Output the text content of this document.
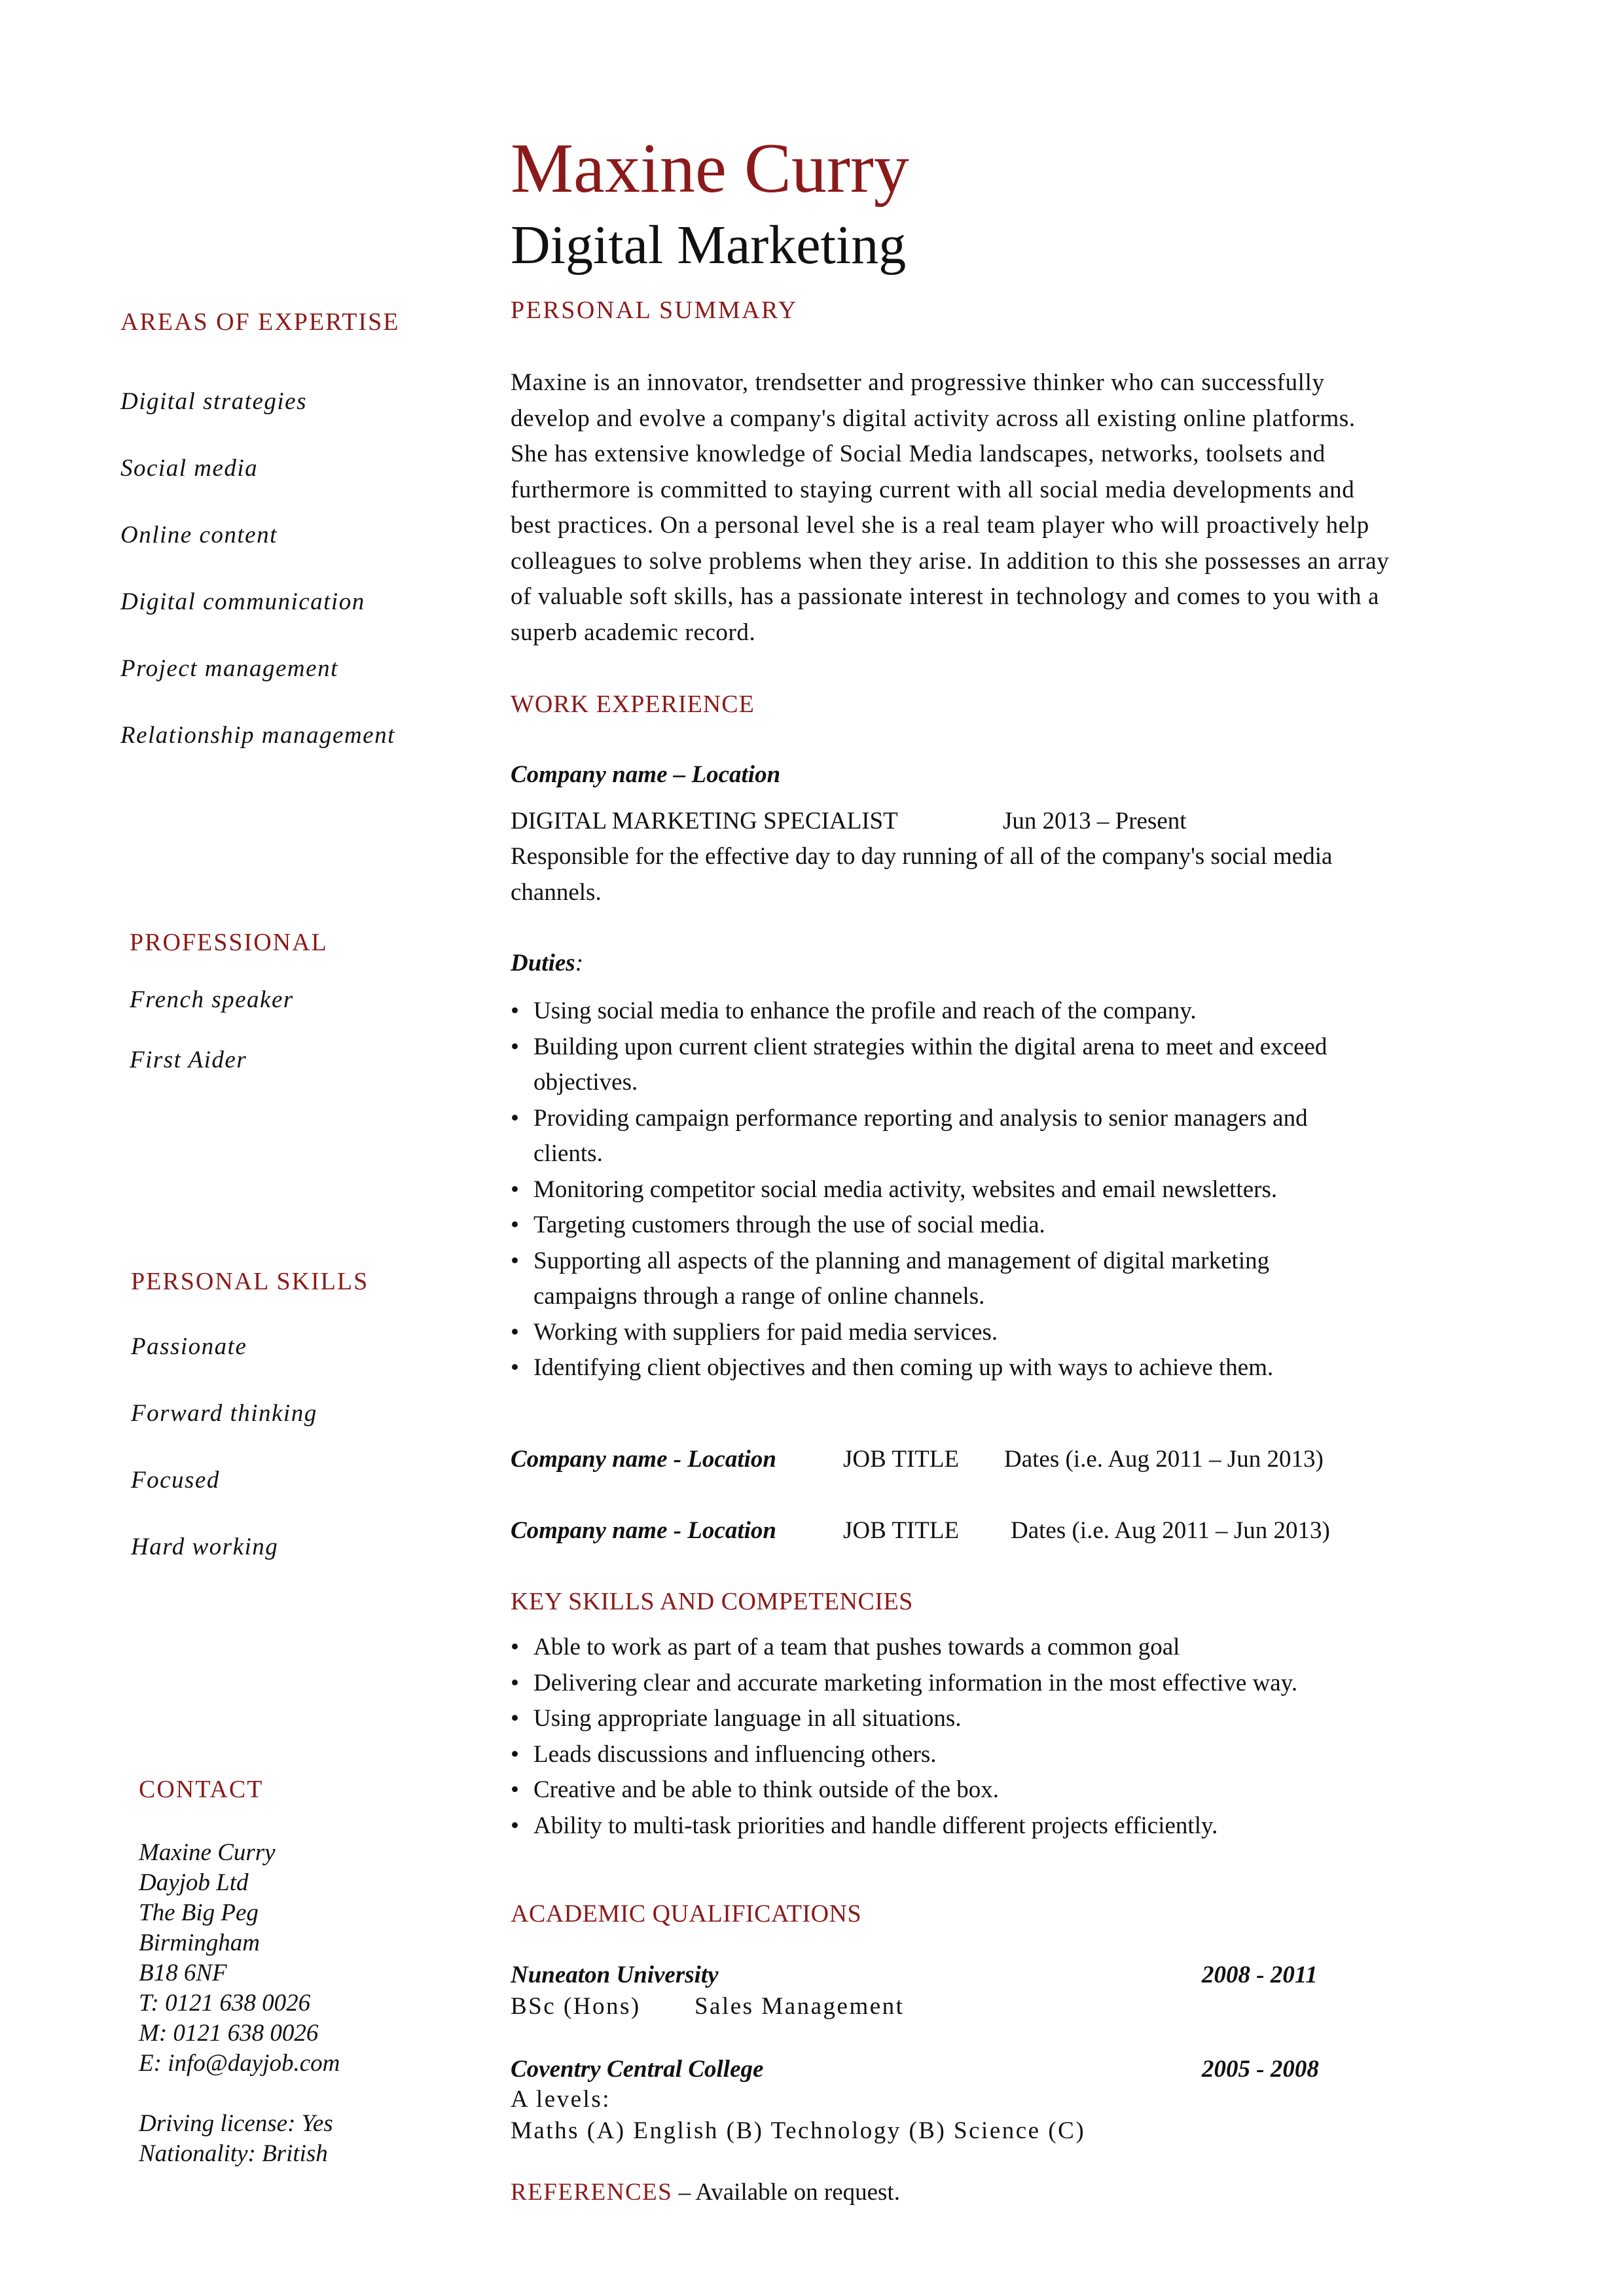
Maxine Curry
Digital Marketing
AREAS OF EXPERTISE
Digital strategies
Social media
Online content
Digital communication
Project management
Relationship management
PROFESSIONAL
French speaker
First Aider
PERSONAL SKILLS
Passionate
Forward thinking
Focused
Hard working
CONTACT
Maxine Curry
Dayjob Ltd
The Big Peg
Birmingham
B18 6NF
T: 0121 638 0026
M: 0121 638 0026
E: info@dayjob.com
Driving license: Yes
Nationality: British
PERSONAL SUMMARY
Maxine is an innovator, trendsetter and progressive thinker who can successfully
develop and evolve a company's digital activity across all existing online platforms.
She has extensive knowledge of Social Media landscapes, networks, toolsets and
furthermore is committed to staying current with all social media developments and
best practices. On a personal level she is a real team player who will proactively help
colleagues to solve problems when they arise. In addition to this she possesses an array
of valuable soft skills, has a passionate interest in technology and comes to you with a
superb academic record.
WORK EXPERIENCE
Company name – Location
DIGITAL MARKETING SPECIALIST	Jun 2013 – Present
Responsible for the effective day to day running of all of the company's social media
channels.
Duties:
• Using social media to enhance the profile and reach of the company.
• Building upon current client strategies within the digital arena to meet and exceed
objectives.
• Providing campaign performance reporting and analysis to senior managers and
clients.
• Monitoring competitor social media activity, websites and email newsletters.
• Targeting customers through the use of social media.
• Supporting all aspects of the planning and management of digital marketing
campaigns through a range of online channels.
• Working with suppliers for paid media services.
• Identifying client objectives and then coming up with ways to achieve them.
Company name - Location	JOB TITLE Dates (i.e. Aug 2011 – Jun 2013)
Company name - Location	JOB TITLE Dates (i.e. Aug 2011 – Jun 2013)
KEY SKILLS AND COMPETENCIES
• Able to work as part of a team that pushes towards a common goal
• Delivering clear and accurate marketing information in the most effective way.
• Using appropriate language in all situations.
• Leads discussions and influencing others.
• Creative and be able to think outside of the box.
• Ability to multi-task priorities and handle different projects efficiently.
ACADEMIC QUALIFICATIONS
Nuneaton University	2008 - 2011
BSc (Hons)       Sales Management
Coventry Central College	2005 - 2008
A levels:
Maths (A) English (B) Technology (B) Science (C)
REFERENCES – Available on request.
